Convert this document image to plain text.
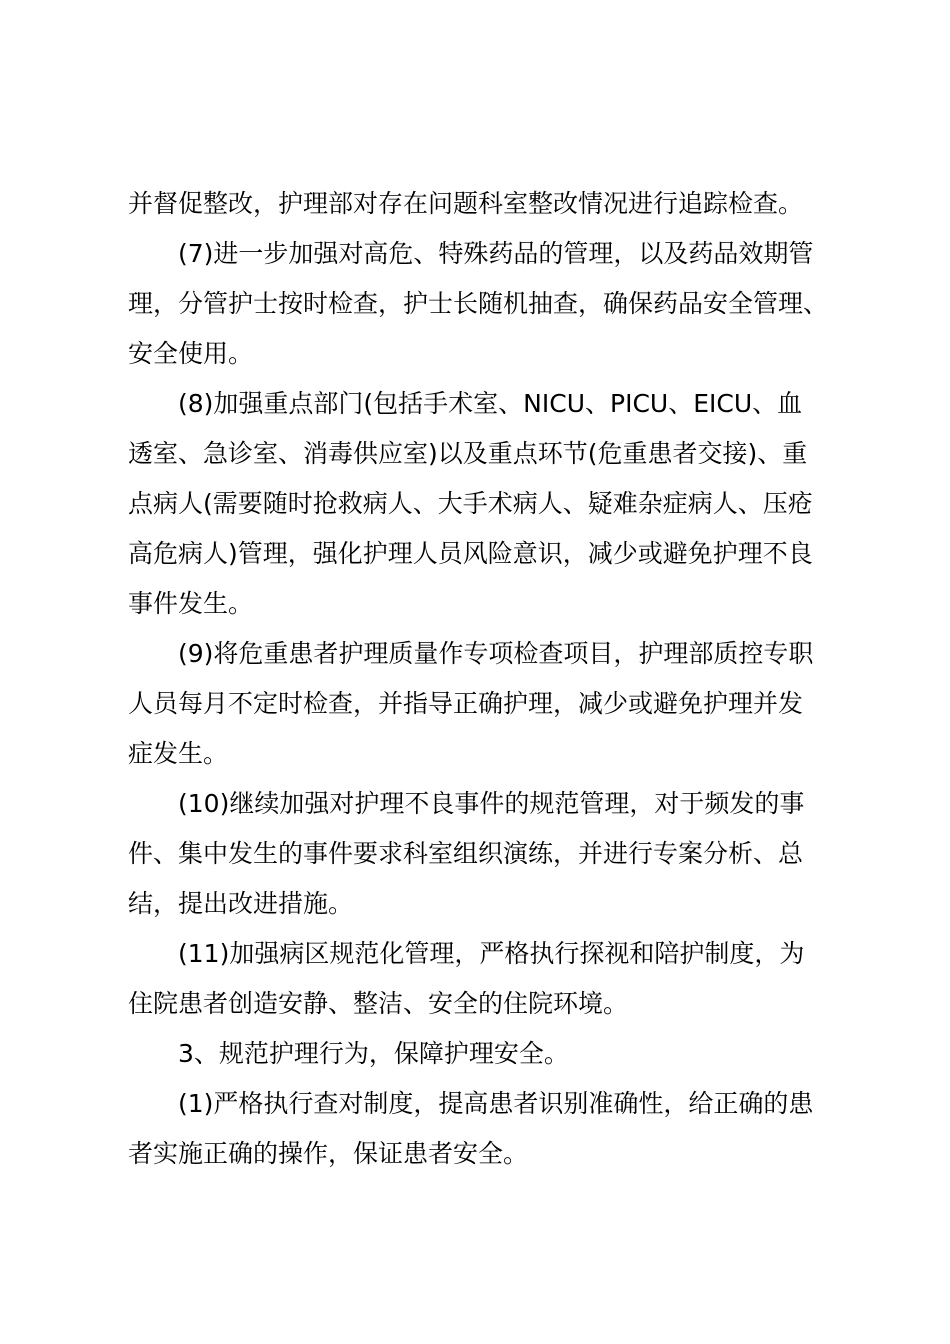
并督促整改，护理部对存在问题科室整改情况进行追踪检查。
(7)进一步加强对高危、特殊药品的管理，以及药品效期管
理，分管护士按时检查，护士长随机抽查，确保药品安全管理、
安全使用。
(8)加强重点部门(包括手术室、NICU、PICU、EICU、血
透室、急诊室、消毒供应室)以及重点环节(危重患者交接)、重
点病人(需要随时抢救病人、大手术病人、疑难杂症病人、压疮
高危病人)管理，强化护理人员风险意识，减少或避免护理不良
事件发生。
(9)将危重患者护理质量作专项检查项目，护理部质控专职
人员每月不定时检查，并指导正确护理，减少或避免护理并发
症发生。
(10)继续加强对护理不良事件的规范管理，对于频发的事
件、集中发生的事件要求科室组织演练，并进行专案分析、总
结，提出改进措施。
(11)加强病区规范化管理，严格执行探视和陪护制度，为
住院患者创造安静、整洁、安全的住院环境。
3、规范护理行为，保障护理安全。
(1)严格执行查对制度，提高患者识别准确性，给正确的患
者实施正确的操作，保证患者安全。
